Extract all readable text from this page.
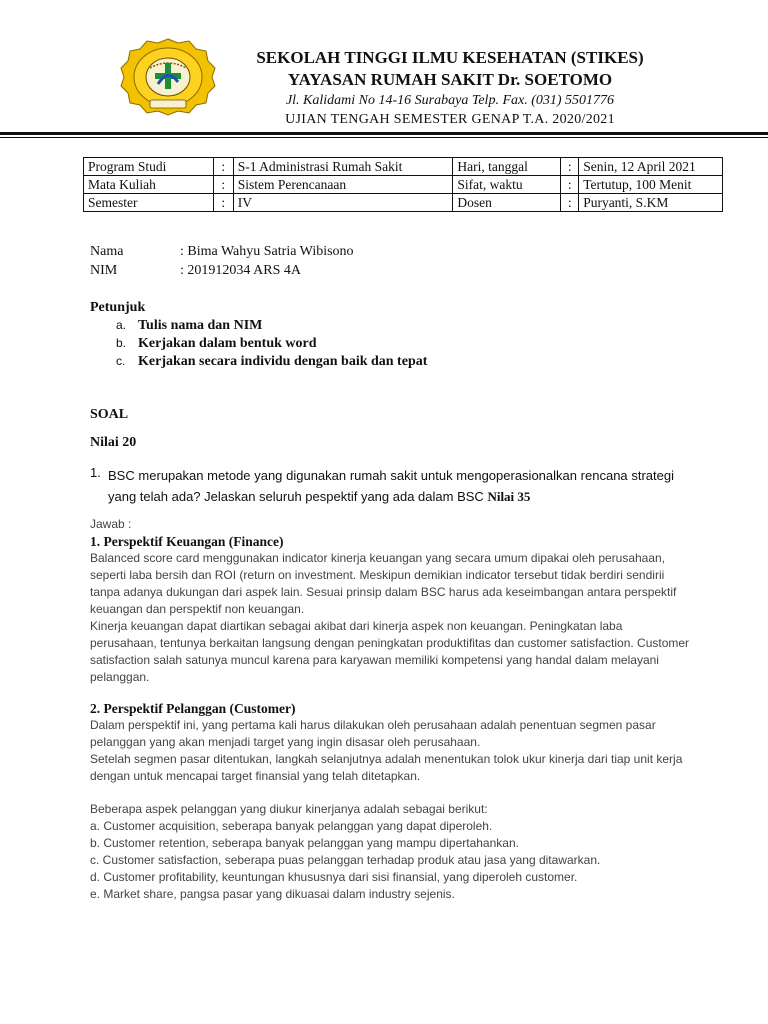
SEKOLAH TINGGI ILMU KESEHATAN (STIKES)
YAYASAN RUMAH SAKIT Dr. SOETOMO
Jl. Kalidami No 14-16 Surabaya Telp. Fax. (031) 5501776
UJIAN TENGAH SEMESTER GENAP T.A. 2020/2021
Program Studi	:	S-1 Administrasi Rumah Sakit	Hari, tanggal	:	Senin, 12 April 2021
Mata Kuliah	:	Sistem Perencanaan	Sifat, waktu	:	Tertutup, 100 Menit
Semester	:	IV	Dosen	:	Puryanti, S.KM
Nama	: Bima Wahyu Satria Wibisono
NIM	: 201912034 ARS 4A
Petunjuk
a. Tulis nama dan NIM
b. Kerjakan dalam bentuk word
c. Kerjakan secara individu dengan baik dan tepat
SOAL
Nilai 20
1. BSC merupakan metode yang digunakan rumah sakit untuk mengoperasionalkan rencana strategi yang telah ada? Jelaskan seluruh pespektif yang ada dalam BSC Nilai 35

Jawab :

1. Perspektif Keuangan (Finance)

Balanced score card menggunakan indicator kinerja keuangan yang secara umum dipakai oleh perusahaan, seperti laba bersih dan ROI (return on investment. Meskipun demikian indicator tersebut tidak berdiri sendirii tanpa adanya dukungan dari aspek lain. Sesuai prinsip dalam BSC harus ada keseimbangan antara perspektif keuangan dan perspektif non keuangan.

Kinerja keuangan dapat diartikan sebagai akibat dari kinerja aspek non keuangan. Peningkatan laba perusahaan, tentunya berkaitan langsung dengan peningkatan produktifitas dan customer satisfaction. Customer satisfaction salah satunya muncul karena para karyawan memiliki kompetensi yang handal dalam melayani pelanggan.

2. Perspektif Pelanggan (Customer)

Dalam perspektif ini, yang pertama kali harus dilakukan oleh perusahaan adalah penentuan segmen pasar pelanggan yang akan menjadi target yang ingin disasar oleh perusahaan.

Setelah segmen pasar ditentukan, langkah selanjutnya adalah menentukan tolok ukur kinerja dari tiap unit kerja dengan untuk mencapai target finansial yang telah ditetapkan.

Beberapa aspek pelanggan yang diukur kinerjanya adalah sebagai berikut:

a. Customer acquisition, seberapa banyak pelanggan yang dapat diperoleh.

b. Customer retention, seberapa banyak pelanggan yang mampu dipertahankan.

c. Customer satisfaction, seberapa puas pelanggan terhadap produk atau jasa yang ditawarkan.

d. Customer profitability, keuntungan khususnya dari sisi finansial, yang diperoleh customer.

e. Market share, pangsa pasar yang dikuasai dalam industry sejenis.
